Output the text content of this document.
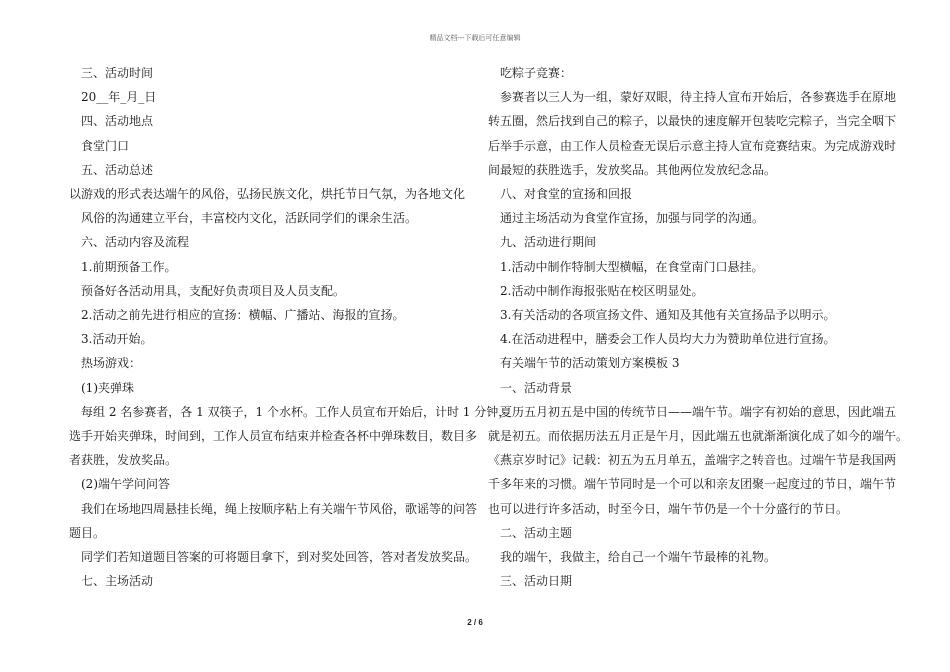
精品文档---下载后可任意编辑
三、活动时间
20__年_月_日
四、活动地点
食堂门口
五、活动总述
以游戏的形式表达端午的风俗，弘扬民族文化，烘托节日气氛，为各地文化
风俗的沟通建立平台，丰富校内文化，活跃同学们的课余生活。
六、活动内容及流程
1.前期预备工作。
预备好各活动用具，支配好负责项目及人员支配。
2.活动之前先进行相应的宣扬：横幅、广播站、海报的宣扬。
3.活动开始。
热场游戏：
(1)夹弹珠
每组 2 名参赛者，各 1 双筷子，1 个水杯。工作人员宣布开始后，计时 1 分钟，
选手开始夹弹珠，时间到，工作人员宣布结束并检查各杯中弹珠数目，数目多
者获胜，发放奖品。
(2)端午学问问答
我们在场地四周悬挂长绳，绳上按顺序粘上有关端午节风俗，歌谣等的问答
题目。
同学们若知道题目答案的可将题目拿下，到对奖处回答，答对者发放奖品。
七、主场活动
吃粽子竞赛：
参赛者以三人为一组，蒙好双眼，待主持人宣布开始后，各参赛选手在原地
转五圈，然后找到自己的粽子，以最快的速度解开包装吃完粽子，当完全咽下
后举手示意，由工作人员检查无误后示意主持人宣布竞赛结束。为完成游戏时
间最短的获胜选手，发放奖品。其他两位发放纪念品。
八、对食堂的宣扬和回报
通过主场活动为食堂作宣扬，加强与同学的沟通。
九、活动进行期间
1.活动中制作特制大型横幅，在食堂南门口悬挂。
2.活动中制作海报张贴在校区明显处。
3.有关活动的各项宣扬文件、通知及其他有关宣扬品予以明示。
4.在活动进程中，膳委会工作人员均大力为赞助单位进行宣扬。
有关端午节的活动策划方案模板 3
一、活动背景
夏历五月初五是中国的传统节日——端午节。端字有初始的意思，因此端五
就是初五。而依据历法五月正是午月，因此端五也就渐渐演化成了如今的端午。
《燕京岁时记》记载：初五为五月单五，盖端字之转音也。过端午节是我国两
千多年来的习惯。端午节同时是一个可以和亲友团聚一起度过的节日，端午节
也可以进行许多活动，时至今日，端午节仍是一个十分盛行的节日。
二、活动主题
我的端午，我做主，给自己一个端午节最棒的礼物。
三、活动日期
2 / 6
